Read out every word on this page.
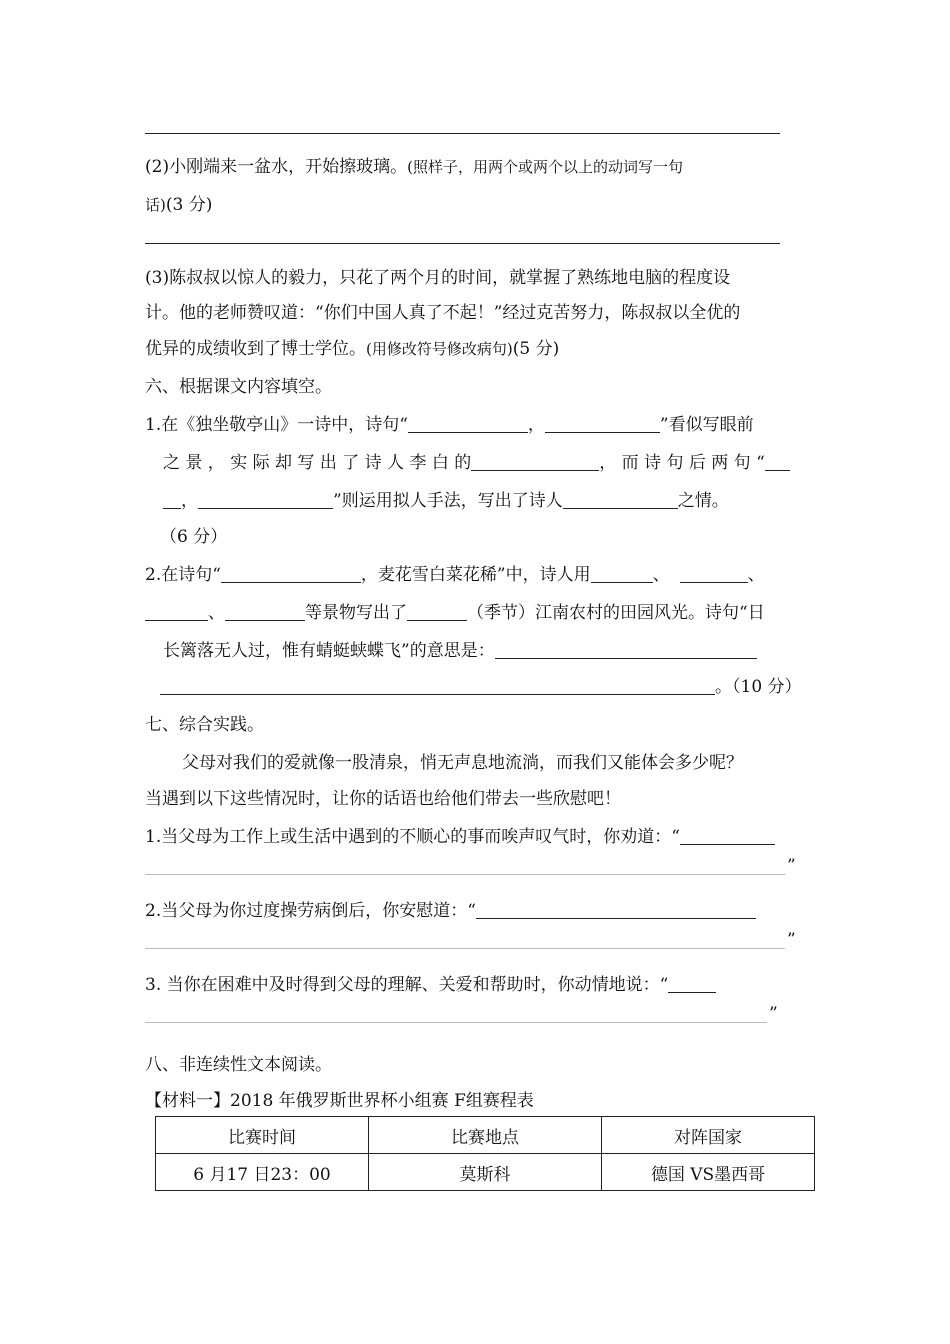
(2)小刚端来一盆水，开始擦玻璃。(照样子，用两个或两个以上的动词写一句
话)(3 分)
(3)陈叔叔以惊人的毅力，只花了两个月的时间，就掌握了熟练地电脑的程度设
计。他的老师赞叹道：“你们中国人真了不起！”经过克苦努力，陈叔叔以全优的
优异的成绩收到了博士学位。(用修改符号修改病句)(5 分)
六、根据课文内容填空。
1.在《独坐敬亭山》一诗中，诗句“	，	”看似写眼前
之 景 ， 实 际 却 写 出 了 诗 人 李 白 的	， 而 诗 句 后 两 句 “
，	”则运用拟人手法，写出了诗人	之情。
（6 分）
2.在诗句“	，麦花雪白菜花稀”中，诗人用	、	、
、	等景物写出了	（季节）江南农村的田园风光。诗句“日
长篱落无人过，惟有蜻蜓蛱蝶飞”的意思是：
。（10 分）
七、综合实践。
父母对我们的爱就像一股清泉，悄无声息地流淌，而我们又能体会多少呢？
当遇到以下这些情况时，让你的话语也给他们带去一些欣慰吧！
1.当父母为工作上或生活中遇到的不顺心的事而唉声叹气时，你劝道：“
”
2.当父母为你过度操劳病倒后，你安慰道：“
”
3. 当你在困难中及时得到父母的理解、关爱和帮助时，你动情地说：“
”
八、非连续性文本阅读。
【材料一】2018 年俄罗斯世界杯小组赛 F组赛程表
比赛时间	比赛地点	对阵国家
6 月17 日23：00	莫斯科	德国 VS墨西哥
